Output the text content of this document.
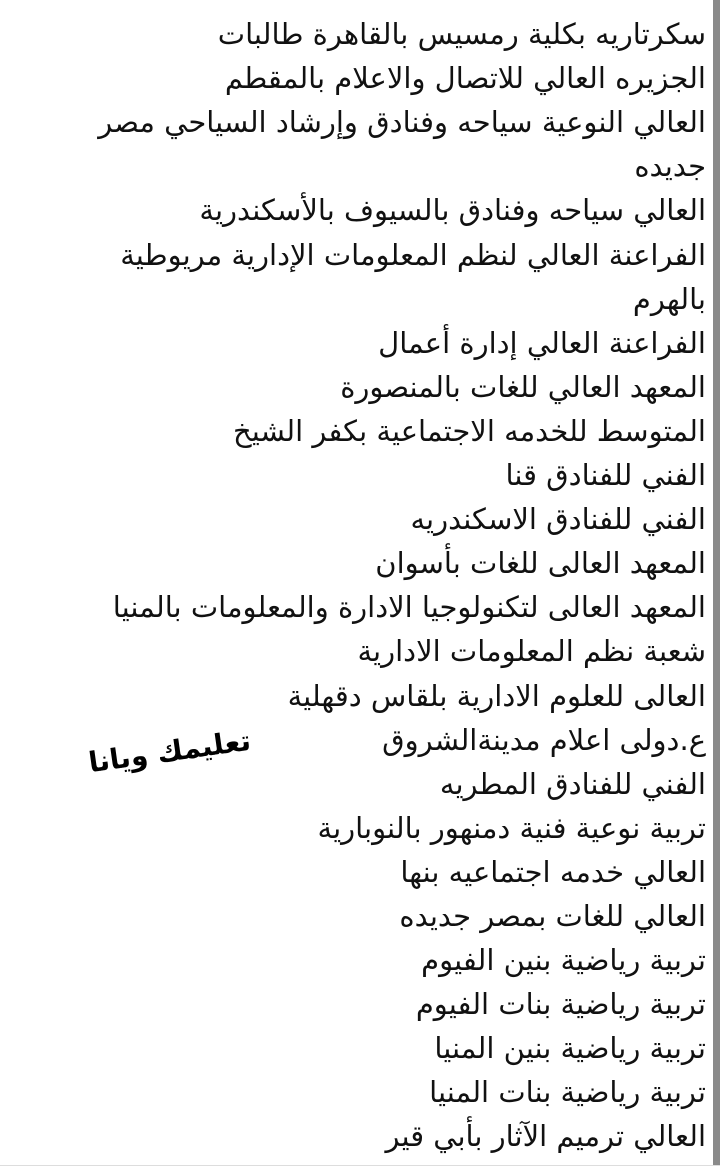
سكرتاريه بكلية رمسيس بالقاهرة طالبات
الجزيره العالي للاتصال والاعلام بالمقطم
العالي النوعية سياحه وفنادق وإرشاد السياحي مصر
جديده
العالي سياحه وفنادق بالسيوف بالأسكندرية
الفراعنة العالي لنظم المعلومات الإدارية مريوطية
بالهرم
الفراعنة العالي إدارة أعمال
المعهد العالي للغات بالمنصورة
المتوسط للخدمه الاجتماعية بكفر الشيخ
الفني للفنادق قنا
الفني للفنادق الاسكندريه
المعهد العالى للغات بأسوان
المعهد العالى لتكنولوجيا الادارة والمعلومات بالمنيا
شعبة نظم المعلومات الادارية
العالى للعلوم الادارية بلقاس دقهلية
ع.دولى اعلام مدينةالشروق
الفني للفنادق المطريه
تربية نوعية فنية دمنهور بالنوبارية
العالي خدمه اجتماعيه بنها
العالي للغات بمصر جديده
تربية رياضية بنين الفيوم
تربية رياضية بنات الفيوم
تربية رياضية بنين المنيا
تربية رياضية بنات المنيا
العالي ترميم الآثار بأبي قير
تعليمك ويانا
